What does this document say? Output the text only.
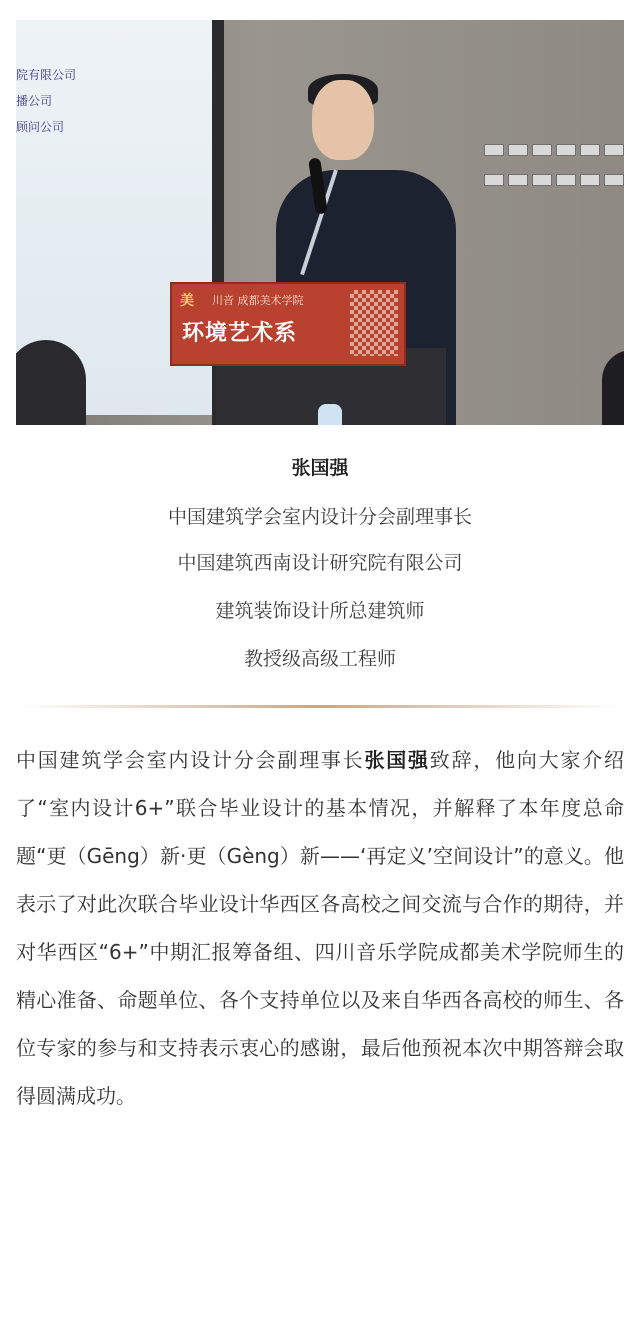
院有限公司
播公司
顾问公司
美 川音 成都美术学院
环境艺术系
张国强
中国建筑学会室内设计分会副理事长
中国建筑西南设计研究院有限公司
建筑装饰设计所总建筑师
教授级高级工程师
中国建筑学会室内设计分会副理事长张国强致辞，他向大家介绍了“室内设计6+”联合毕业设计的基本情况，并解释了本年度总命题“更（Gēng）新·更（Gèng）新——‘再定义’空间设计”的意义。他表示了对此次联合毕业设计华西区各高校之间交流与合作的期待，并对华西区“6+”中期汇报筹备组、四川音乐学院成都美术学院师生的精心准备、命题单位、各个支持单位以及来自华西各高校的师生、各位专家的参与和支持表示衷心的感谢，最后他预祝本次中期答辩会取得圆满成功。
